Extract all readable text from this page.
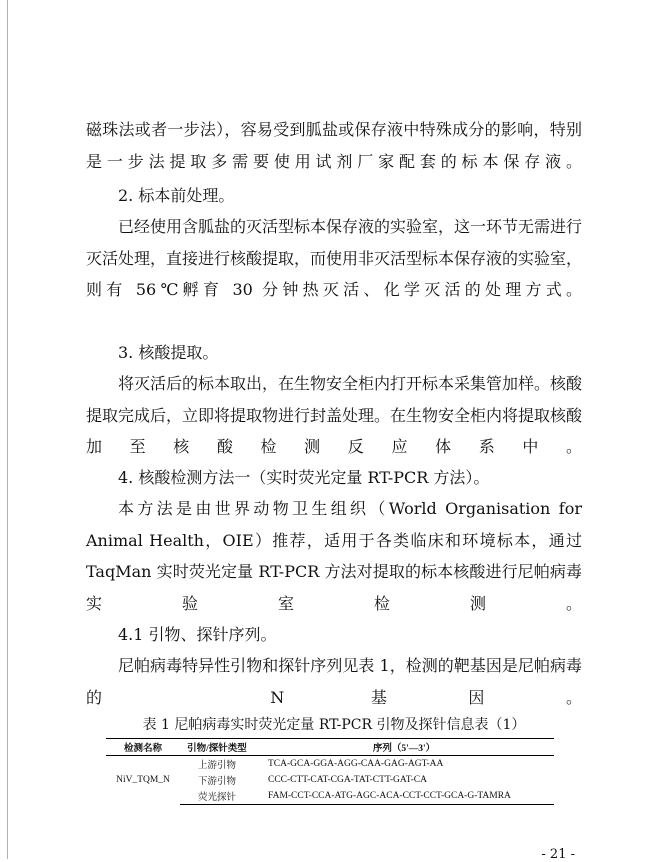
磁珠法或者一步法），容易受到胍盐或保存液中特殊成分的影响，特别是一步法提取多需要使用试剂厂家配套的标本保存液。
2. 标本前处理。
已经使用含胍盐的灭活型标本保存液的实验室，这一环节无需进行灭活处理，直接进行核酸提取，而使用非灭活型标本保存液的实验室，则有 56℃孵育 30 分钟热灭活、化学灭活的处理方式。
3. 核酸提取。
将灭活后的标本取出，在生物安全柜内打开标本采集管加样。核酸提取完成后，立即将提取物进行封盖处理。在生物安全柜内将提取核酸加至核酸检测反应体系中。
4. 核酸检测方法一（实时荧光定量 RT-PCR 方法）。
本方法是由世界动物卫生组织（World Organisation for Animal Health，OIE）推荐，适用于各类临床和环境标本，通过 TaqMan 实时荧光定量 RT-PCR 方法对提取的标本核酸进行尼帕病毒实验室检测。
4.1 引物、探针序列。
尼帕病毒特异性引物和探针序列见表 1，检测的靶基因是尼帕病毒的 N 基因。
表 1 尼帕病毒实时荧光定量 RT-PCR 引物及探针信息表（1）
检测名称	引物/探针类型	序列（5'—3'）
NiV_TQM_N	上游引物	TCA-GCA-GGA-AGG-CAA-GAG-AGT-AA
	下游引物	CCC-CTT-CAT-CGA-TAT-CTT-GAT-CA
	荧光探针	FAM-CCT-CCA-ATG-AGC-ACA-CCT-CCT-GCA-G-TAMRA
- 21 -
